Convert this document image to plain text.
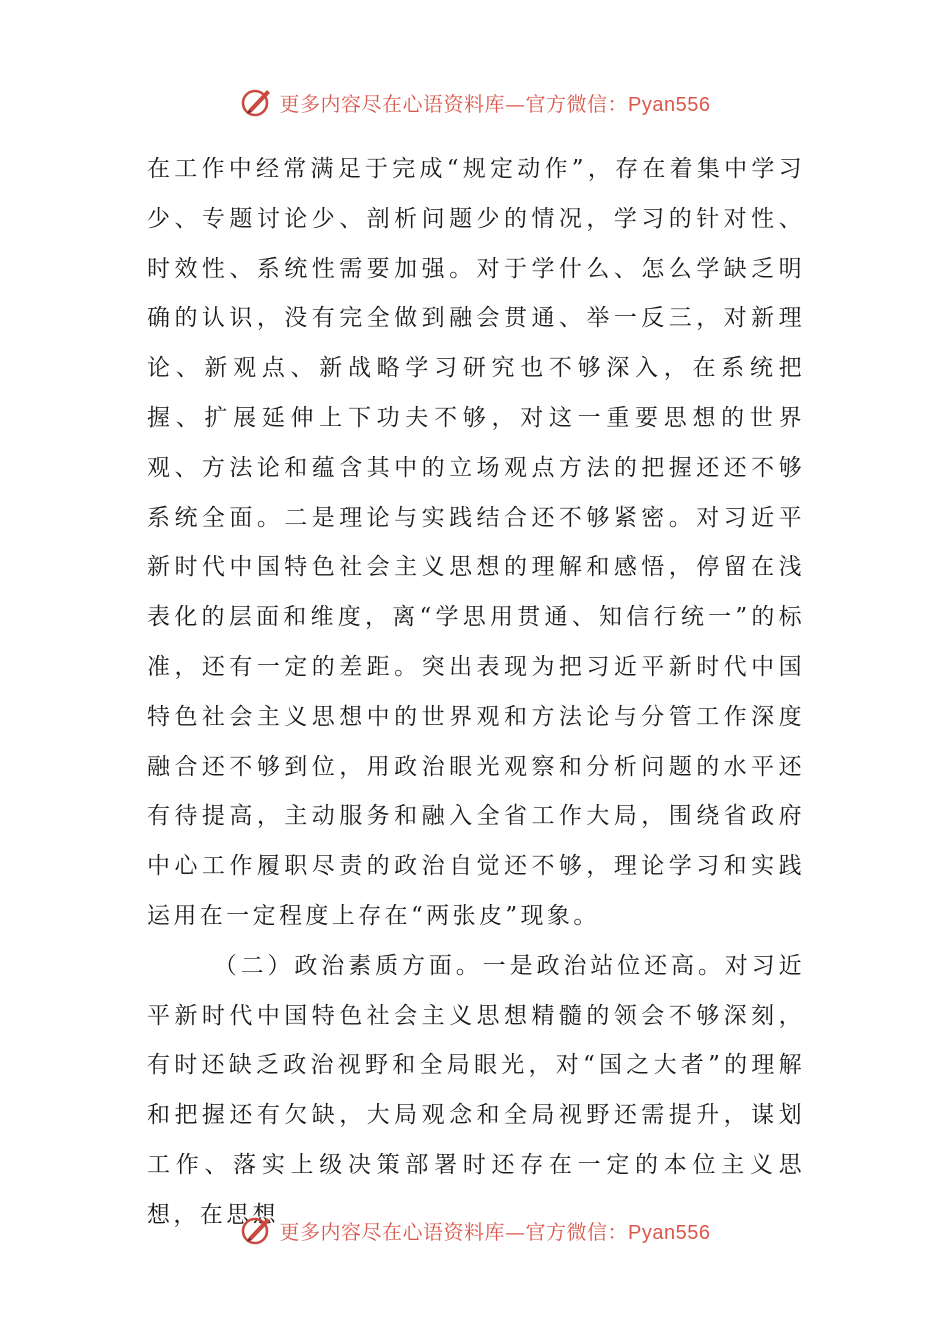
更多内容尽在心语资料库—官方微信：Pyan556

在工作中经常满足于完成“规定动作”，存在着集中学习少、专题讨论少、剖析问题少的情况，学习的针对性、时效性、系统性需要加强。对于学什么、怎么学缺乏明确的认识，没有完全做到融会贯通、举一反三，对新理论、新观点、新战略学习研究也不够深入，在系统把握、扩展延伸上下功夫不够，对这一重要思想的世界观、方法论和蕴含其中的立场观点方法的把握还还不够系统全面。二是理论与实践结合还不够紧密。对习近平新时代中国特色社会主义思想的理解和感悟，停留在浅表化的层面和维度，离“学思用贯通、知信行统一”的标准，还有一定的差距。突出表现为把习近平新时代中国特色社会主义思想中的世界观和方法论与分管工作深度融合还不够到位，用政治眼光观察和分析问题的水平还有待提高，主动服务和融入全省工作大局，围绕省政府中心工作履职尽责的政治自觉还不够，理论学习和实践运用在一定程度上存在“两张皮”现象。

（二）政治素质方面。一是政治站位还高。对习近平新时代中国特色社会主义思想精髓的领会不够深刻，有时还缺乏政治视野和全局眼光，对“国之大者”的理解和把握还有欠缺，大局观念和全局视野还需提升，谋划工作、落实上级决策部署时还存在一定的本位主义思想，在思想

更多内容尽在心语资料库—官方微信：Pyan556
